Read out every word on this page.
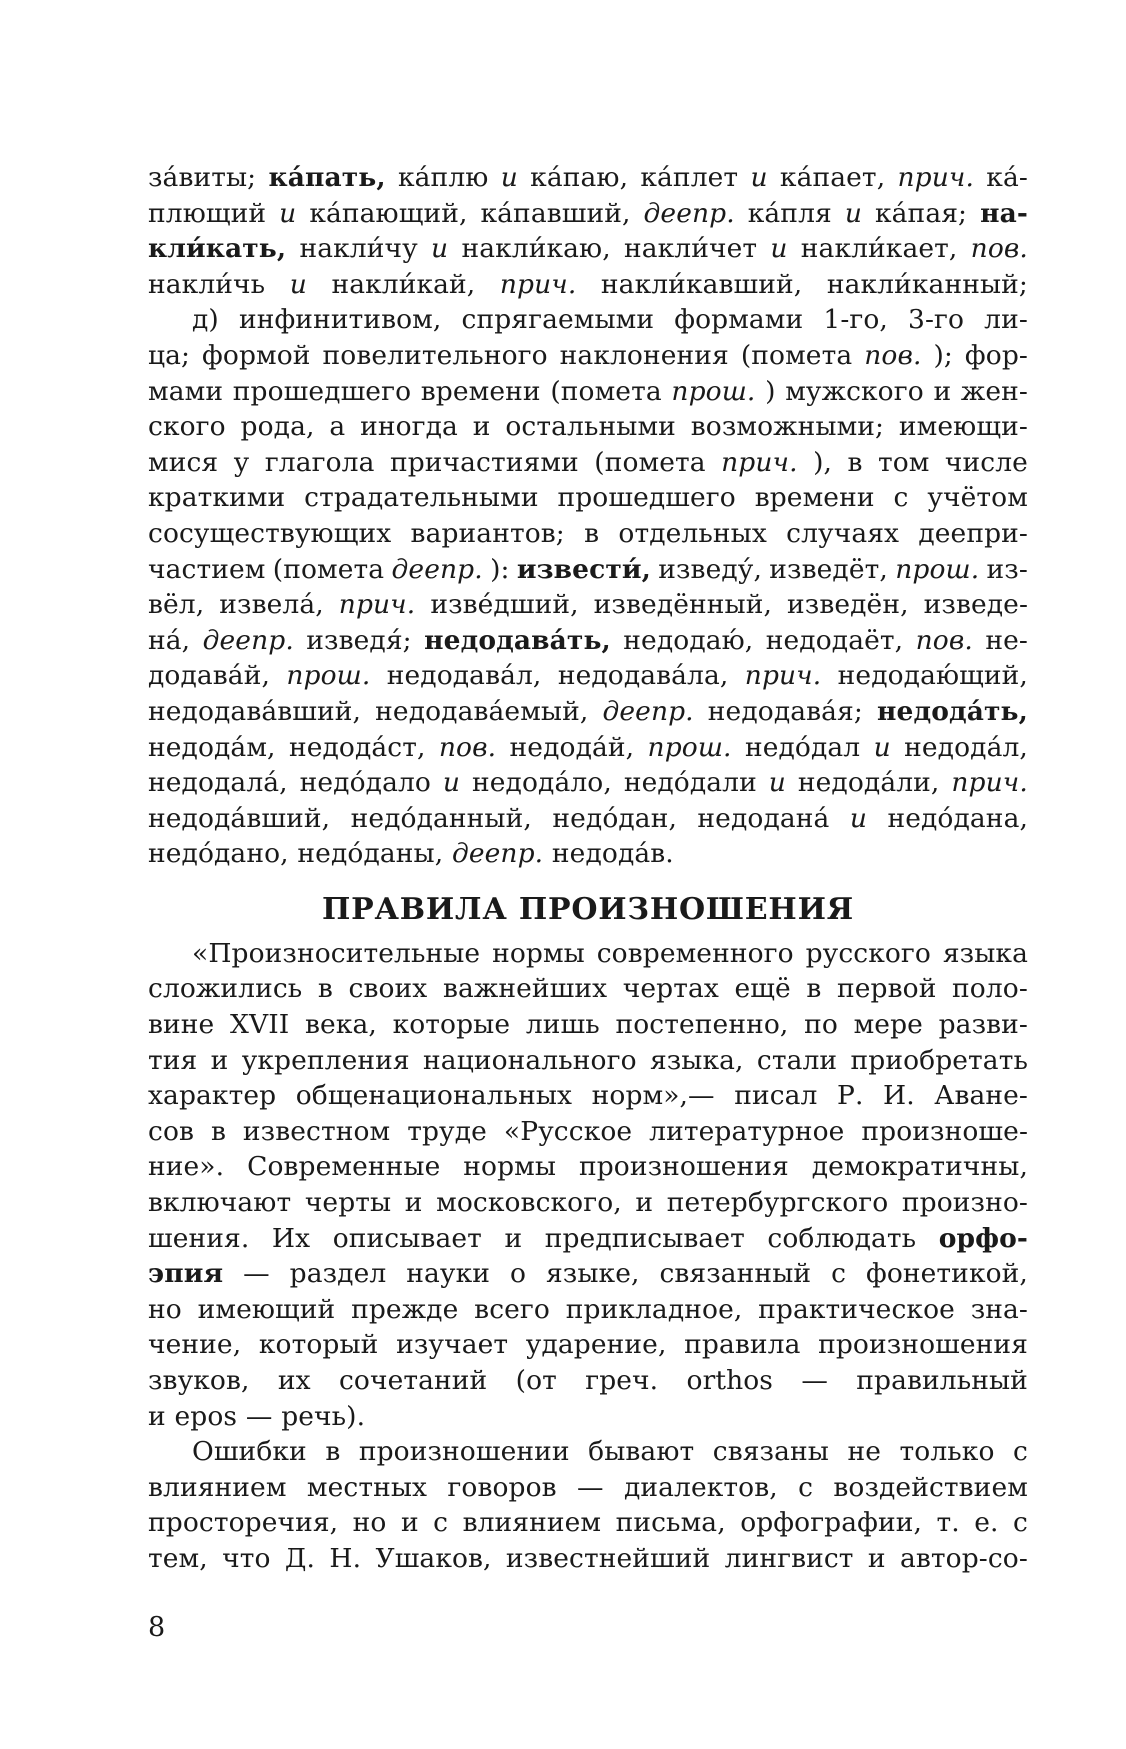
за́виты; ка́пать, ка́плю и ка́паю, ка́плет и ка́пает, прич. ка́-
плющий и ка́пающий, ка́павший, деепр. ка́пля и ка́пая; на-
кли́кать, накли́чу и накли́каю, накли́чет и накли́кает, пов.
накли́чь и накли́кай, прич. накли́кавший, накли́канный;
д) инфинитивом, спрягаемыми формами 1-го, 3-го ли-
ца; формой повелительного наклонения (помета пов. ); фор-
мами прошедшего времени (помета прош. ) мужского и жен-
ского рода, а иногда и остальными возможными; имеющи-
мися у глагола причастиями (помета прич. ), в том числе
краткими страдательными прошедшего времени с учётом
сосуществующих вариантов; в отдельных случаях деепри-
частием (помета деепр. ): извести́, изведу́, изведёт, прош. из-
вёл, извела́, прич. изве́дший, изведённый, изведён, изведе-
на́, деепр. изведя́; недодава́ть, недодаю́, недодаёт, пов. не-
додава́й, прош. недодава́л, недодава́ла, прич. недодаю́щий,
недодава́вший, недодава́емый, деепр. недодава́я; недода́ть,
недода́м, недода́ст, пов. недода́й, прош. недо́дал и недода́л,
недодала́, недо́дало и недода́ло, недо́дали и недода́ли, прич.
недода́вший, недо́данный, недо́дан, недодана́ и недо́дана,
недо́дано, недо́даны, деепр. недода́в.
ПРАВИЛА ПРОИЗНОШЕНИЯ
«Произносительные нормы современного русского языка
сложились в своих важнейших чертах ещё в первой поло-
вине XVII века, которые лишь постепенно, по мере разви-
тия и укрепления национального языка, стали приобретать
характер общенациональных норм»,— писал Р. И. Аване-
сов в известном труде «Русское литературное произноше-
ние». Современные нормы произношения демократичны,
включают черты и московского, и петербургского произно-
шения. Их описывает и предписывает соблюдать орфо-
эпия — раздел науки о языке, связанный с фонетикой,
но имеющий прежде всего прикладное, практическое зна-
чение, который изучает ударение, правила произношения
звуков, их сочетаний (от греч. orthos — правильный
и epos — речь).
Ошибки в произношении бывают связаны не только с
влиянием местных говоров — диалектов, с воздействием
просторечия, но и с влиянием письма, орфографии, т. е. с
тем, что Д. Н. Ушаков, известнейший лингвист и автор-со-
8
